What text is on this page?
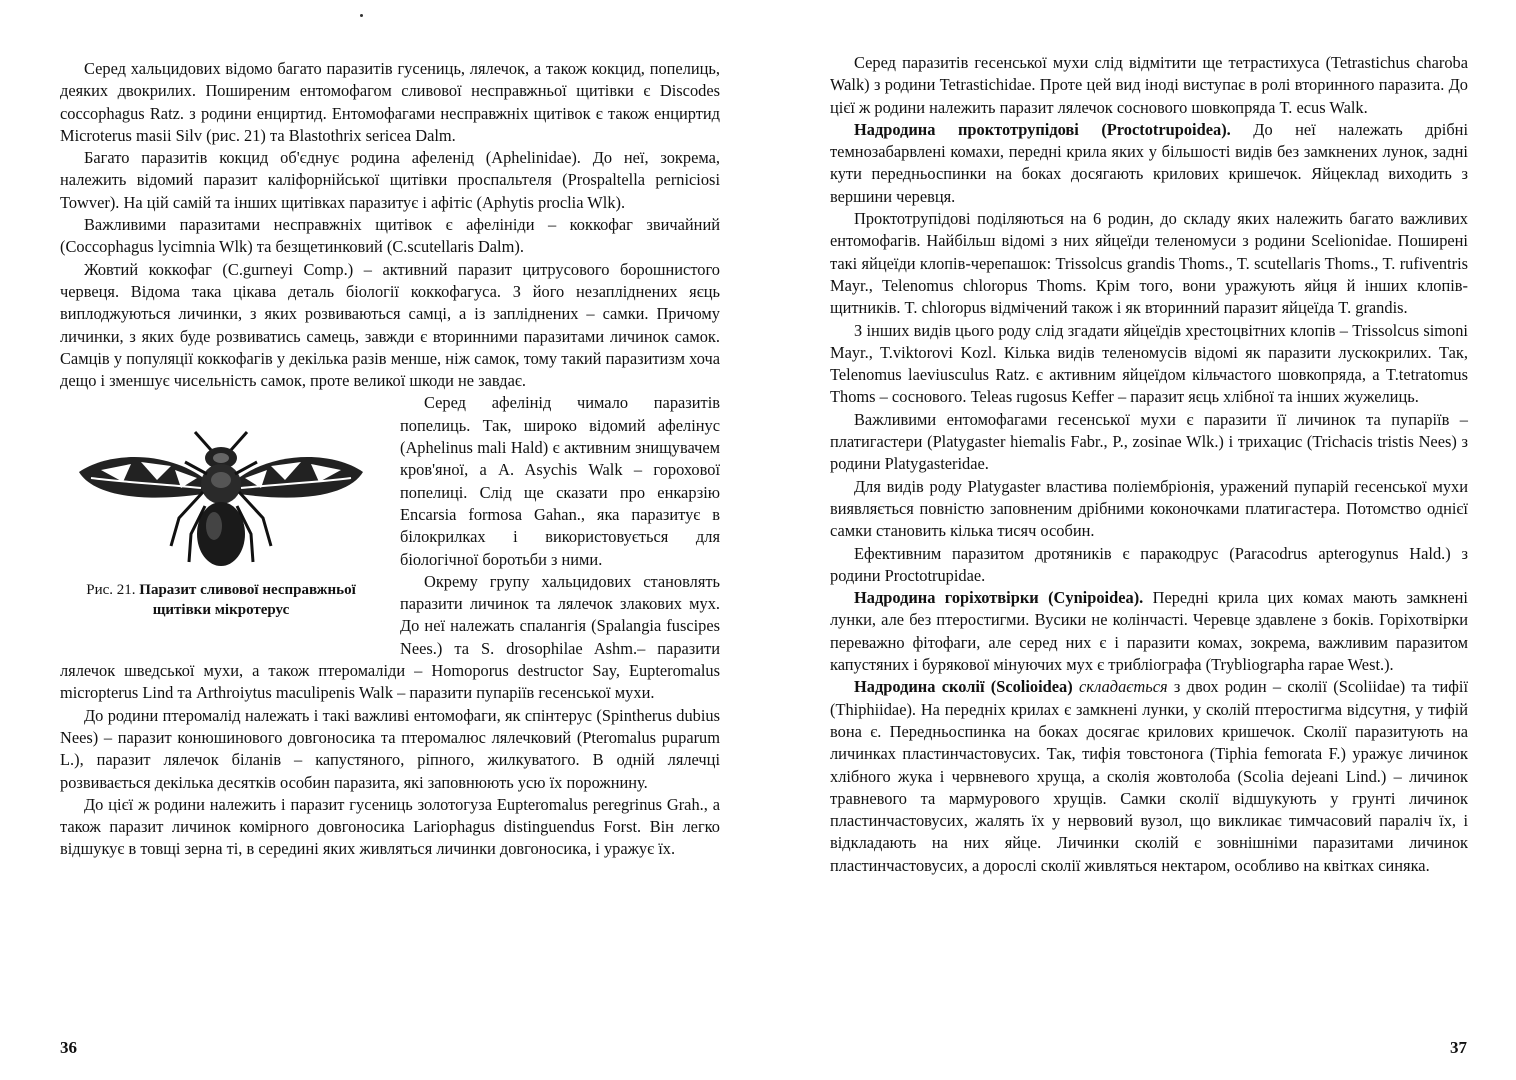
Серед хальцидових відомо багато паразитів гусениць, лялечок, а також кокцид, попелиць, деяких двокрилих. Поширеним ентомофагом сливової несправжньої щитівки є Discodes coccophagus Ratz. з родини енциртид. Ентомофагами несправжніх щитівок є також енциртид Microterus masii Silv (рис. 21) та Blastothrix sericea Dalm.

Багато паразитів кокцид об'єднує родина афеленід (Aphelinidae). До неї, зокрема, належить відомий паразит каліфорнійської щитівки проспальтеля (Prospaltella perniciosi Towver). На цій самій та інших щитівках паразитує і афітіс (Aphytis proclia Wlk).

Важливими паразитами несправжніх щитівок є афелініди – коккофаг звичайний (Coccophagus lycimnia Wlk) та безщетинковий (C.scutellaris Dalm).

Жовтий коккофаг (C.gurneyi Comp.) – активний паразит цитрусового борошнистого червеця. Відома така цікава деталь біології коккофагуса. З його незапліднених яєць виплоджуються личинки, з яких розвиваються самці, а із запліднених – самки. Причому личинки, з яких буде розвиватись самець, завжди є вторинними паразитами личинок самок. Самців у популяції коккофагів у декілька разів менше, ніж самок, тому такий паразитизм хоча дещо і зменшує чисельність самок, проте великої шкоди не завдає.

Рис. 21. Паразит сливової несправжньої щитівки мікротерус

Серед афелінід чимало паразитів попелиць. Так, широко відомий афелінус (Aphelinus mali Hald) є активним знищувачем кров'яної, а A. Asychis Walk – горохової попелиці. Слід ще сказати про енкарзію Encarsia formosa Gahan., яка паразитує в білокрилках і використовується для біологічної боротьби з ними.

Окрему групу хальцидових становлять паразити личинок та лялечок злакових мух. До неї належать спалангія (Spalangia fuscipes Nees.) та S. drosophilae Ashm.– паразити лялечок шведської мухи, а також птеромаліди – Homoporus destructor Say, Eupteromalus micropterus Lind та Arthroiytus maculipenis Walk – паразити пупаріїв гесенської мухи.

До родини птеромалід належать і такі важливі ентомофаги, як спінтерус (Spintherus dubius Nees) – паразит конюшинового довгоносика та птеромалюс лялечковий (Pteromalus puparum L.), паразит лялечок біланів – капустяного, ріпного, жилкуватого. В одній лялечці розвивається декілька десятків особин паразита, які заповнюють усю їх порожнину.

До цієї ж родини належить і паразит гусениць золотогуза Eupteromalus peregrinus Grah., а також паразит личинок комірного довгоносика Lariophagus distinguendus Forst. Він легко відшукує в товщі зерна ті, в середині яких живляться личинки довгоносика, і уражує їх.

36

Серед паразитів гесенської мухи слід відмітити ще тетрастихуса (Tetrastichus charoba Walk) з родини Tetrastichidae. Проте цей вид іноді виступає в ролі вторинного паразита. До цієї ж родини належить паразит лялечок соснового шовкопряда T. ecus Walk.

Надродина проктотрупідові (Proctotrupoidea). До неї належать дрібні темнозабарвлені комахи, передні крила яких у більшості видів без замкнених лунок, задні кути передньоспинки на боках досягають крилових кришечок. Яйцеклад виходить з вершини черевця.

Проктотрупідові поділяються на 6 родин, до складу яких належить багато важливих ентомофагів. Найбільш відомі з них яйцеїди теленомуси з родини Scelionidae. Поширені такі яйцеїди клопів-черепашок: Trissolcus grandis Thoms., T. scutellaris Thoms., T. rufiventris Mayr., Telenomus chloropus Thoms. Крім того, вони уражують яйця й інших клопів-щитників. T. chloropus відмічений також і як вторинний паразит яйцеїда T. grandis.

З інших видів цього роду слід згадати яйцеїдів хрестоцвітних клопів – Trissolcus simoni Mayr., T.viktorovi Kozl. Кілька видів теленомусів відомі як паразити лускокрилих. Так, Telenomus laeviusculus Ratz. є активним яйцеїдом кільчастого шовкопряда, а T.tetratomus Thoms – соснового. Teleas rugosus Keffer – паразит яєць хлібної та інших жужелиць.

Важливими ентомофагами гесенської мухи є паразити її личинок та пупаріїв – платигастери (Platygaster hiemalis Fabr., P., zosinae Wlk.) і трихацис (Trichacis tristis Nees) з родини Platygasteridae.

Для видів роду Platygaster властива поліембріонія, уражений пупарій гесенської мухи виявляється повністю заповненим дрібними коконочками платигастера. Потомство однієї самки становить кілька тисяч особин.

Ефективним паразитом дротяників є паракодрус (Paracodrus apterogynus Hald.) з родини Proctotrupidae.

Надродина горіхотвірки (Cynipoidea). Передні крила цих комах мають замкнені лунки, але без птеростигми. Вусики не колінчасті. Черевце здавлене з боків. Горіхотвірки переважно фітофаги, але серед них є і паразити комах, зокрема, важливим паразитом капустяних і бурякової мінуючих мух є трибліографа (Trybliographa rapae West.).

Надродина сколії (Scolioidea) складається з двох родин – сколії (Scoliidae) та тифії (Thiphiidae). На передніх крилах є замкнені лунки, у сколій птеростигма відсутня, у тифій вона є. Передньоспинка на боках досягає крилових кришечок. Сколії паразитують на личинках пластинчастовусих. Так, тифія товстонога (Tiphia femorata F.) уражує личинок хлібного жука і червневого хруща, а сколія жовтолоба (Scolia dejeani Lind.) – личинок травневого та мармурового хрущів. Самки сколії відшукують у грунті личинок пластинчастовусих, жалять їх у нервовий вузол, що викликає тимчасовий параліч їх, і відкладають на них яйце. Личинки сколій є зовнішніми паразитами личинок пластинчастовусих, а дорослі сколії живляться нектаром, особливо на квітках синяка.

37
